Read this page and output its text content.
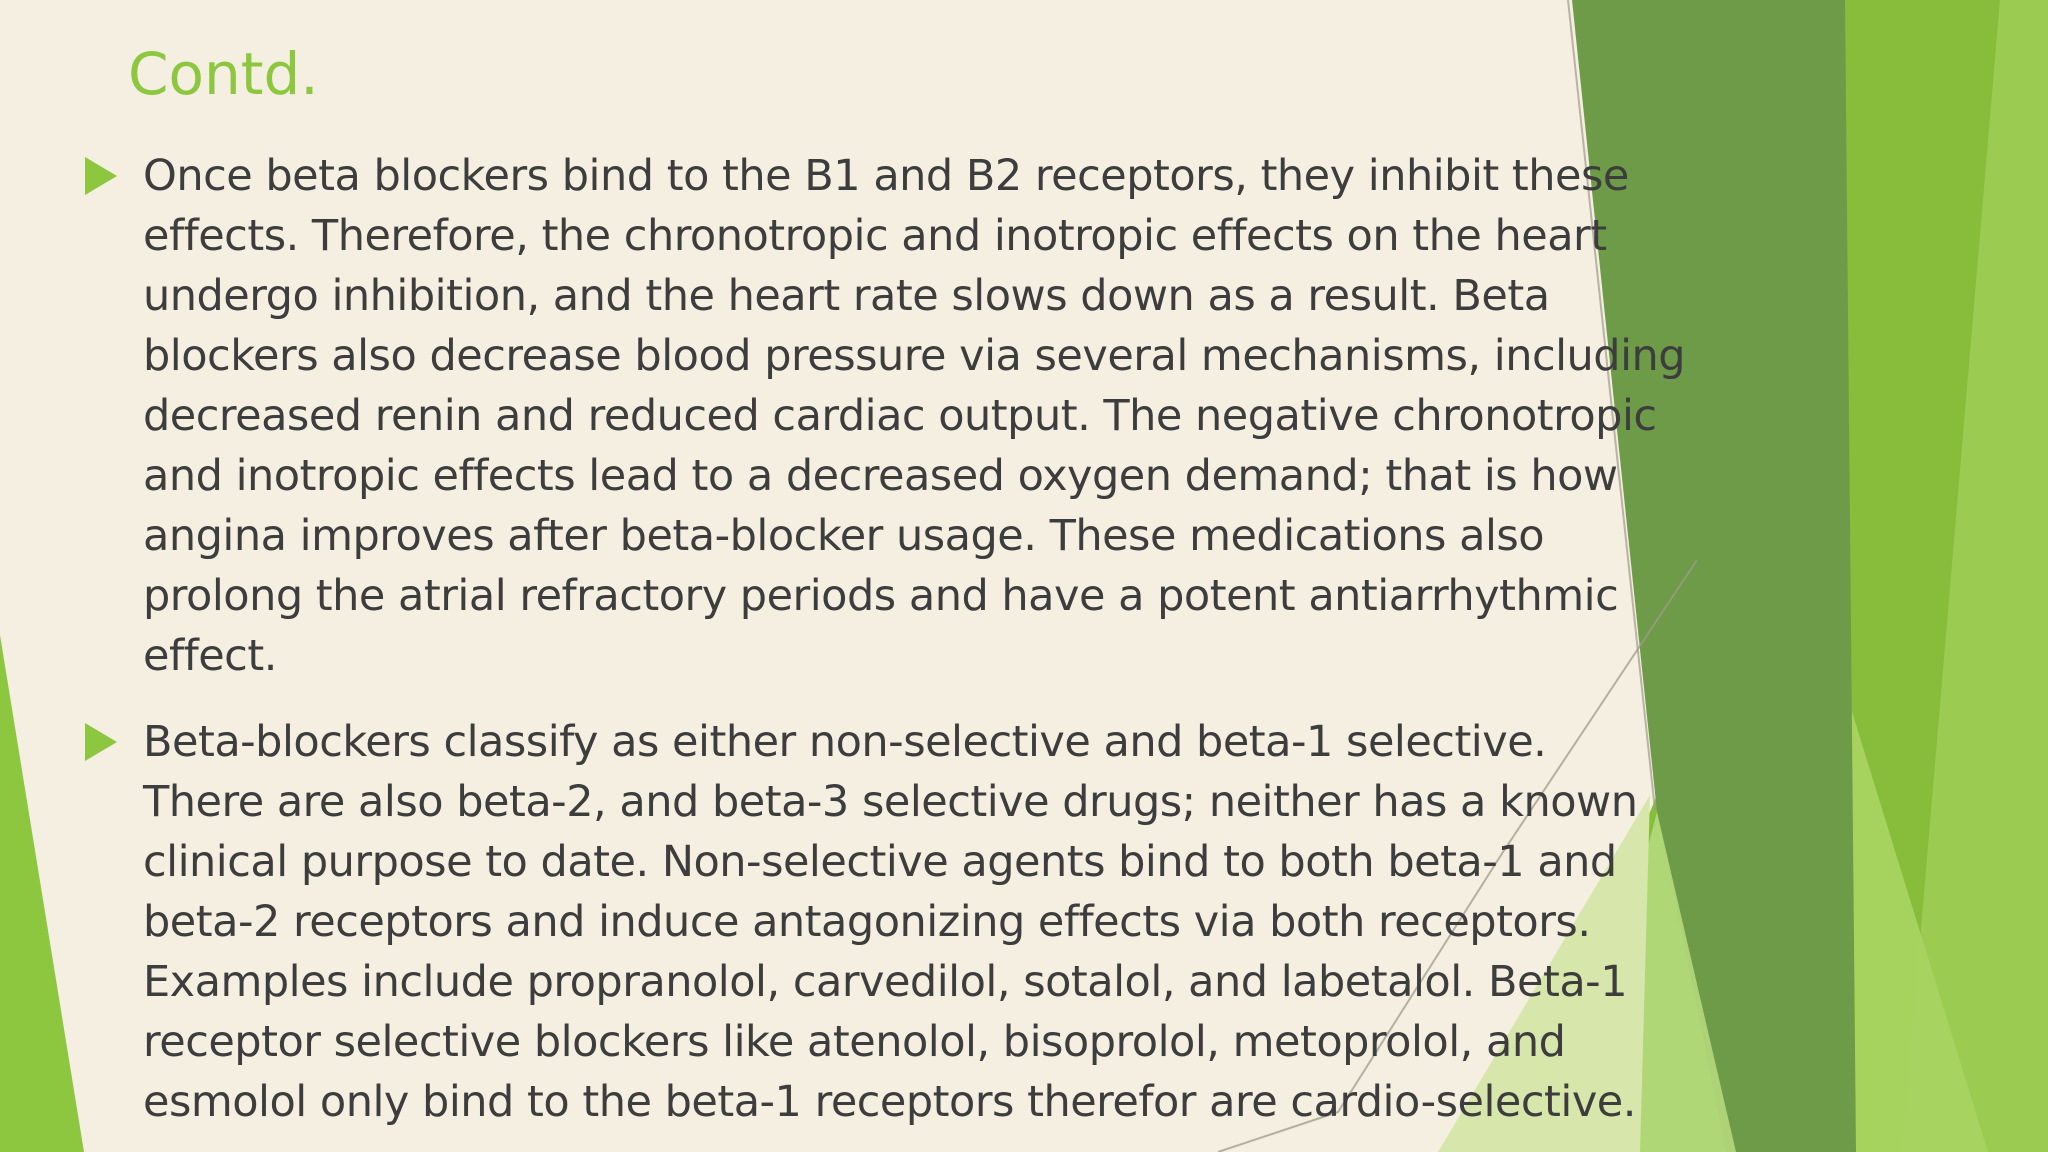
Contd.
Once beta blockers bind to the B1 and B2 receptors, they inhibit these
effects. Therefore, the chronotropic and inotropic effects on the heart
undergo inhibition, and the heart rate slows down as a result. Beta
blockers also decrease blood pressure via several mechanisms, including
decreased renin and reduced cardiac output. The negative chronotropic
and inotropic effects lead to a decreased oxygen demand; that is how
angina improves after beta-blocker usage. These medications also
prolong the atrial refractory periods and have a potent antiarrhythmic
effect.
Beta-blockers classify as either non-selective and beta-1 selective.
There are also beta-2, and beta-3 selective drugs; neither has a known
clinical purpose to date. Non-selective agents bind to both beta-1 and
beta-2 receptors and induce antagonizing effects via both receptors.
Examples include propranolol, carvedilol, sotalol, and labetalol. Beta-1
receptor selective blockers like atenolol, bisoprolol, metoprolol, and
esmolol only bind to the beta-1 receptors therefor are cardio-selective.
